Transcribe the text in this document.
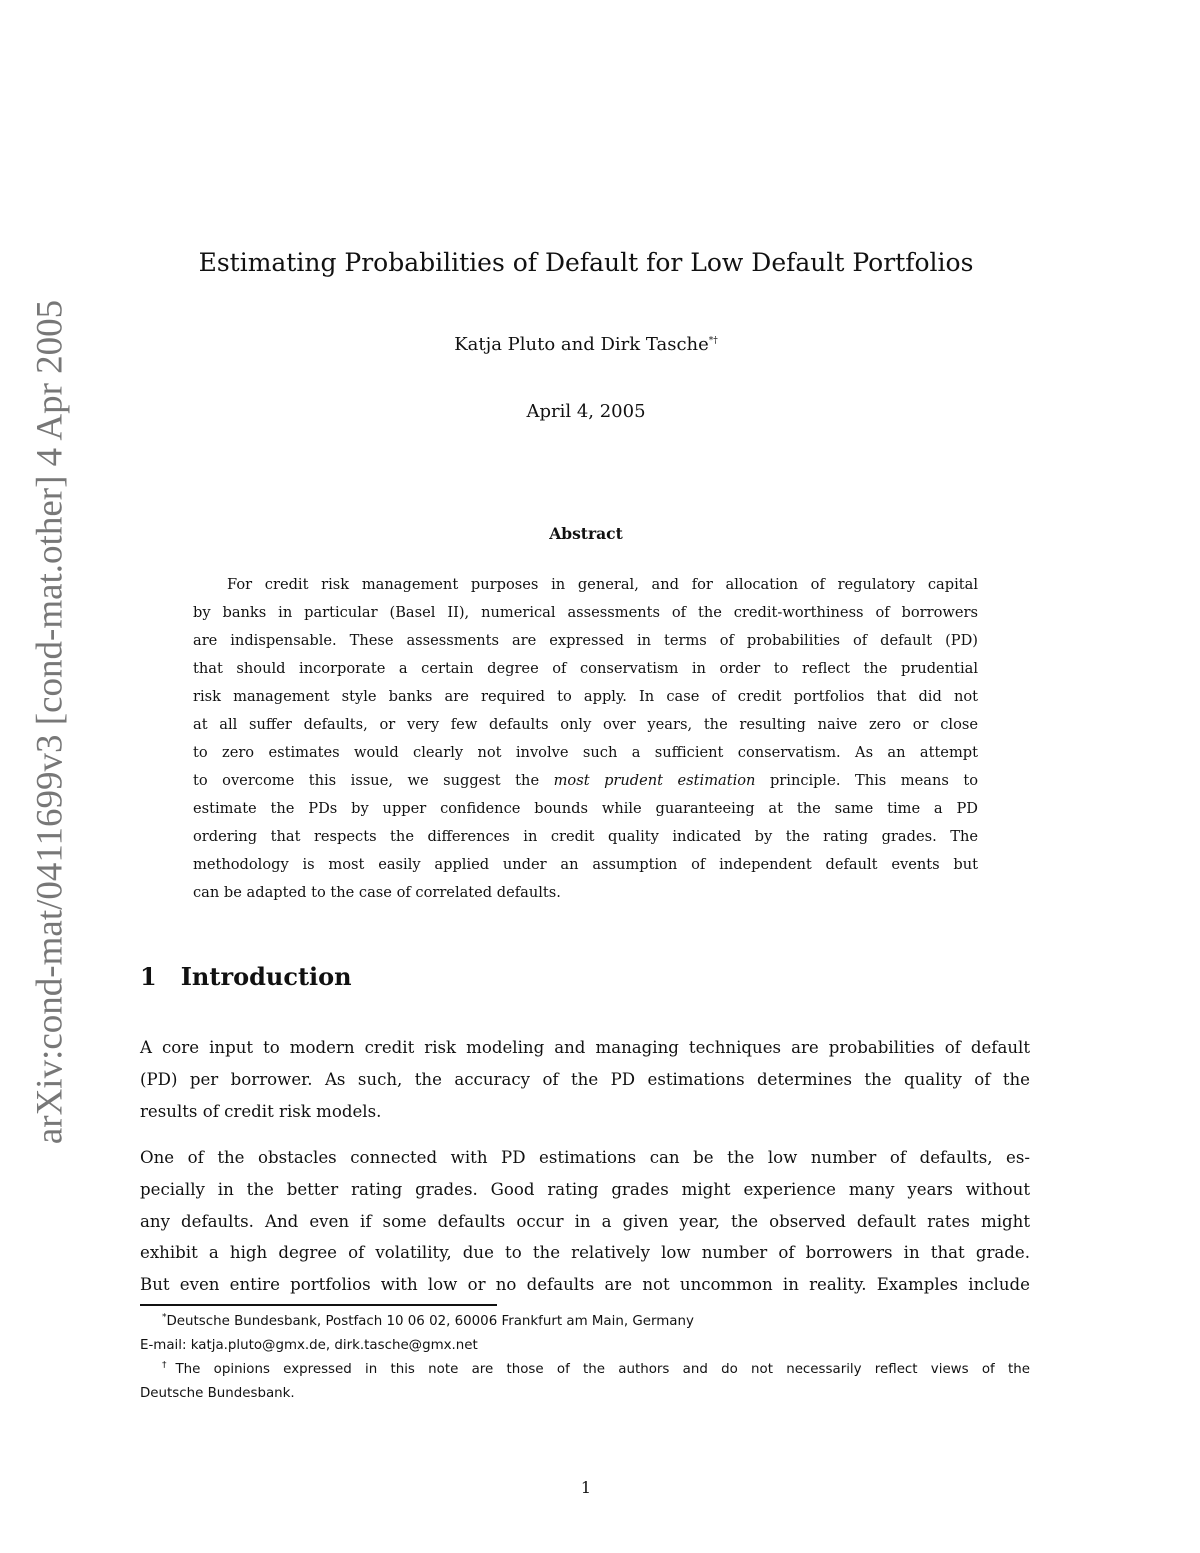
arXiv:cond-mat/0411699v3 [cond-mat.other] 4 Apr 2005
Estimating Probabilities of Default for Low Default Portfolios
Katja Pluto and Dirk Tasche*†
April 4, 2005
Abstract
For credit risk management purposes in general, and for allocation of regulatory capital
by banks in particular (Basel II), numerical assessments of the credit-worthiness of borrowers
are indispensable. These assessments are expressed in terms of probabilities of default (PD)
that should incorporate a certain degree of conservatism in order to reflect the prudential
risk management style banks are required to apply. In case of credit portfolios that did not
at all suffer defaults, or very few defaults only over years, the resulting naive zero or close
to zero estimates would clearly not involve such a sufficient conservatism. As an attempt
to overcome this issue, we suggest the most prudent estimation principle. This means to
estimate the PDs by upper confidence bounds while guaranteeing at the same time a PD
ordering that respects the differences in credit quality indicated by the rating grades. The
methodology is most easily applied under an assumption of independent default events but
can be adapted to the case of correlated defaults.
1 Introduction
A core input to modern credit risk modeling and managing techniques are probabilities of default
(PD) per borrower. As such, the accuracy of the PD estimations determines the quality of the
results of credit risk models.
One of the obstacles connected with PD estimations can be the low number of defaults, es-
pecially in the better rating grades. Good rating grades might experience many years without
any defaults. And even if some defaults occur in a given year, the observed default rates might
exhibit a high degree of volatility, due to the relatively low number of borrowers in that grade.
But even entire portfolios with low or no defaults are not uncommon in reality. Examples include
*Deutsche Bundesbank, Postfach 10 06 02, 60006 Frankfurt am Main, Germany
E-mail: katja.pluto@gmx.de, dirk.tasche@gmx.net
†The opinions expressed in this note are those of the authors and do not necessarily reflect views of the
Deutsche Bundesbank.
1
